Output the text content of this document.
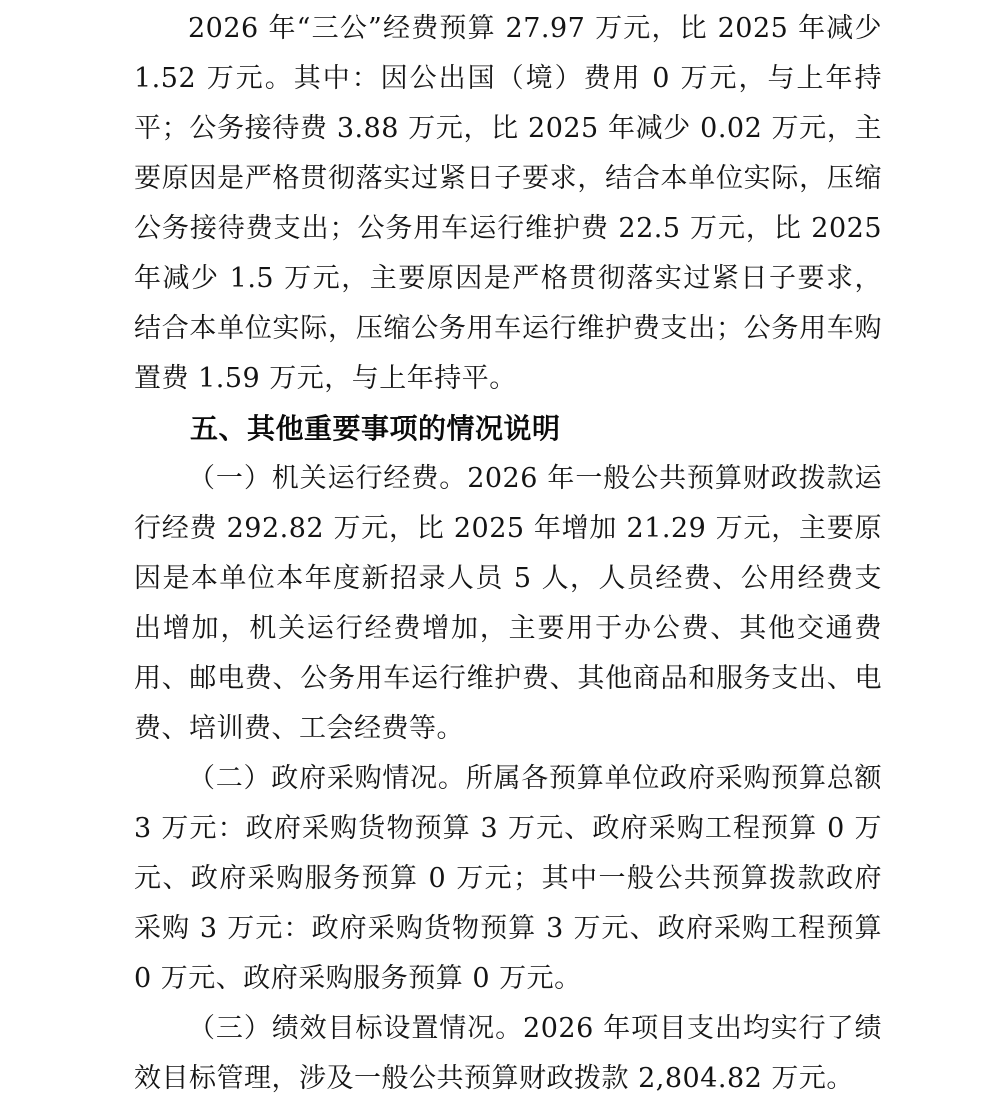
2026 年“三公”经费预算 27.97 万元，比 2025 年减少 1.52 万元。其中：因公出国（境）费用 0 万元，与上年持平；公务接待费 3.88 万元，比 2025 年减少 0.02 万元，主要原因是严格贯彻落实过紧日子要求，结合本单位实际，压缩公务接待费支出；公务用车运行维护费 22.5 万元，比 2025 年减少 1.5 万元，主要原因是严格贯彻落实过紧日子要求，结合本单位实际，压缩公务用车运行维护费支出；公务用车购置费 1.59 万元，与上年持平。

五、其他重要事项的情况说明

（一）机关运行经费。2026 年一般公共预算财政拨款运行经费 292.82 万元，比 2025 年增加 21.29 万元，主要原因是本单位本年度新招录人员 5 人，人员经费、公用经费支出增加，机关运行经费增加，主要用于办公费、其他交通费用、邮电费、公务用车运行维护费、其他商品和服务支出、电费、培训费、工会经费等。

（二）政府采购情况。所属各预算单位政府采购预算总额 3 万元：政府采购货物预算 3 万元、政府采购工程预算 0 万元、政府采购服务预算 0 万元；其中一般公共预算拨款政府采购 3 万元：政府采购货物预算 3 万元、政府采购工程预算 0 万元、政府采购服务预算 0 万元。

（三）绩效目标设置情况。2026 年项目支出均实行了绩效目标管理，涉及一般公共预算财政拨款 2,804.82 万元。
